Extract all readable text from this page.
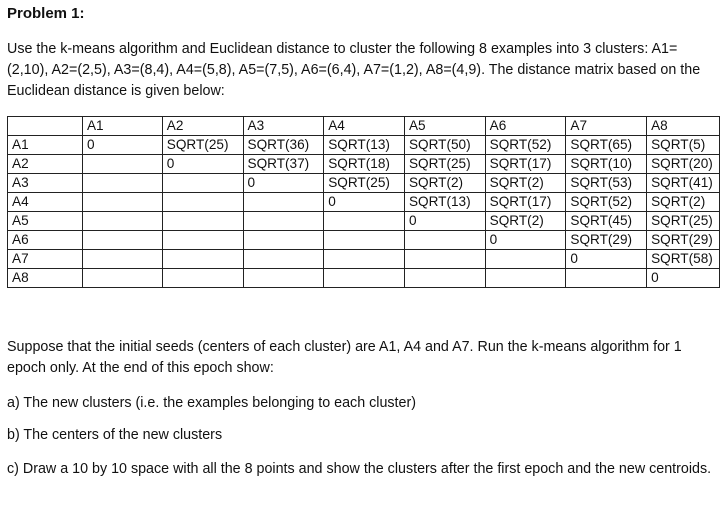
Problem 1:
Use the k-means algorithm and Euclidean distance to cluster the following 8 examples into 3 clusters: A1=(2,10), A2=(2,5), A3=(8,4), A4=(5,8), A5=(7,5), A6=(6,4), A7=(1,2), A8=(4,9). The distance matrix based on the Euclidean distance is given below:
	A1	A2	A3	A4	A5	A6	A7	A8
A1	0	SQRT(25)	SQRT(36)	SQRT(13)	SQRT(50)	SQRT(52)	SQRT(65)	SQRT(5)
A2		0	SQRT(37)	SQRT(18)	SQRT(25)	SQRT(17)	SQRT(10)	SQRT(20)
A3			0	SQRT(25)	SQRT(2)	SQRT(2)	SQRT(53)	SQRT(41)
A4				0	SQRT(13)	SQRT(17)	SQRT(52)	SQRT(2)
A5					0	SQRT(2)	SQRT(45)	SQRT(25)
A6						0	SQRT(29)	SQRT(29)
A7							0	SQRT(58)
A8								0
Suppose that the initial seeds (centers of each cluster) are A1, A4 and A7. Run the k-means algorithm for 1 epoch only. At the end of this epoch show:
a) The new clusters (i.e. the examples belonging to each cluster)
b) The centers of the new clusters
c) Draw a 10 by 10 space with all the 8 points and show the clusters after the first epoch and the new centroids.
